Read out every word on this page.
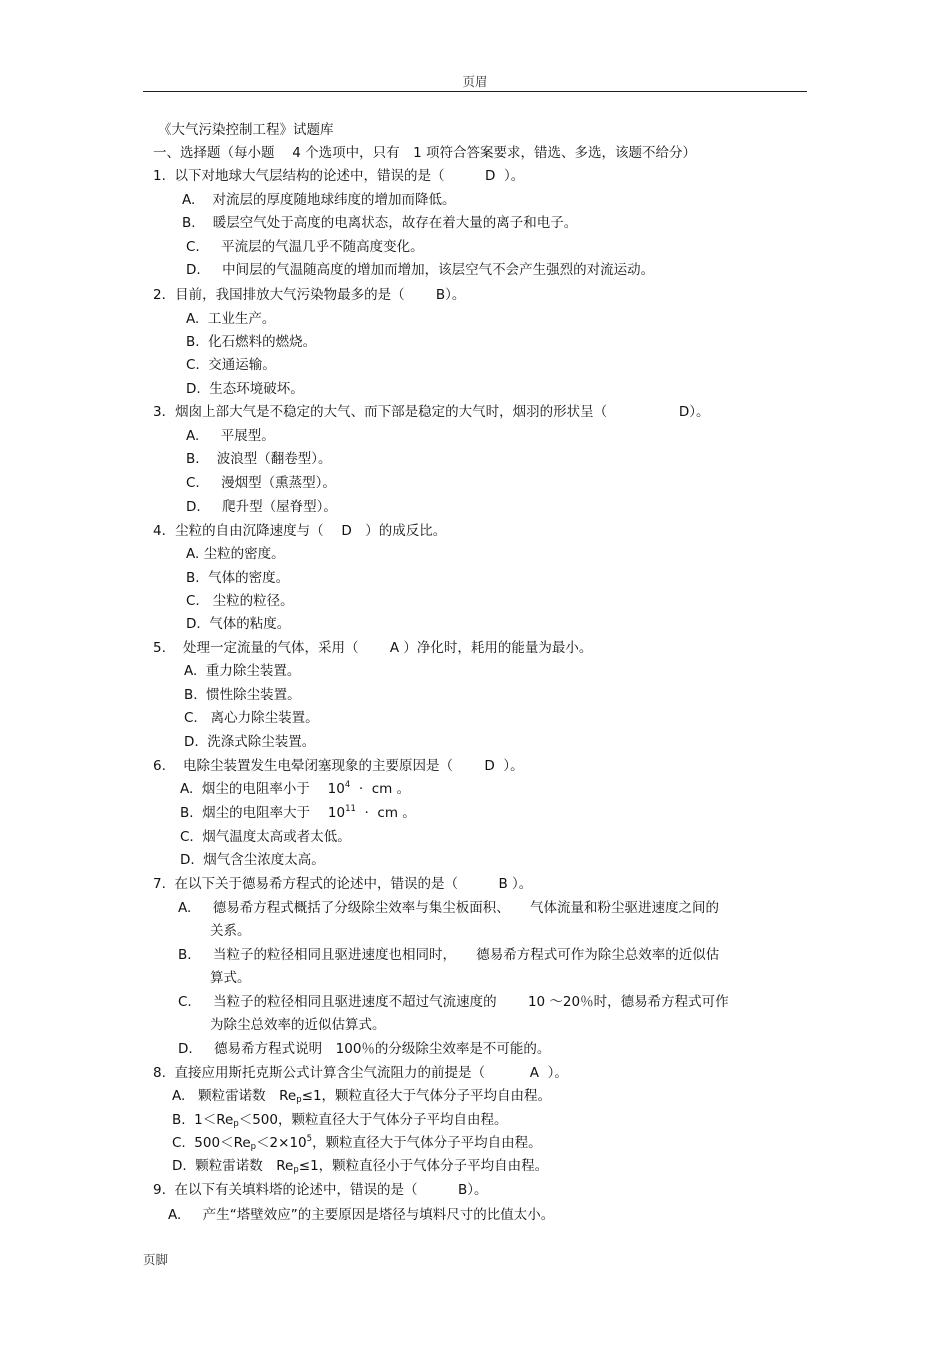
页眉
《大气污染控制工程》试题库
一、选择题（每小题　 4 个选项中，只有　1 项符合答案要求，错选、多选，该题不给分）
1.  以下对地球大气层结构的论述中，错误的是（　　　D  ）。
A.    对流层的厚度随地球纬度的增加而降低。
B.    暖层空气处于高度的电离状态，故存在着大量的离子和电子。
C.     平流层的气温几乎不随高度变化。
D.     中间层的气温随高度的增加而增加，该层空气不会产生强烈的对流运动。
2．目前，我国排放大气污染物最多的是（　　 B）。
A.  工业生产。
B.  化石燃料的燃烧。
C.  交通运输。
D.  生态环境破坏。
3．烟囱上部大气是不稳定的大气、而下部是稳定的大气时，烟羽的形状呈（　　　　　 D）。
A.     平展型。
B.    波浪型（翻卷型）。
C.     漫烟型（熏蒸型）。
D.     爬升型（屋脊型）。
4．尘粒的自由沉降速度与（　 D　）的成反比。
A. 尘粒的密度。
B.  气体的密度。
C.   尘粒的粒径。
D.  气体的粘度。
5.    处理一定流量的气体，采用（　　 A ）净化时，耗用的能量为最小。
A.  重力除尘装置。
B.  惯性除尘装置。
C.   离心力除尘装置。
D.  洗涤式除尘装置。
6.    电除尘装置发生电晕闭塞现象的主要原因是（　　 D  ）。
A.  烟尘的电阻率小于　 $10^4$  ·  cm 。
B.  烟尘的电阻率大于　 $10^{11}$  ·  cm 。
C.  烟气温度太高或者太低。
D.  烟气含尘浓度太高。
7.  在以下关于德易希方程式的论述中，错误的是（　　　B ）。
A.     德易希方程式概括了分级除尘效率与集尘板面积、　　气体流量和粉尘驱进速度之间的
关系。
B.     当粒子的粒径相同且驱进速度也相同时，　　德易希方程式可作为除尘总效率的近似估
算式。
C.     当粒子的粒径相同且驱进速度不超过气流速度的　　 10 ～20％时，德易希方程式可作
为除尘总效率的近似估算式。
D.     德易希方程式说明　100％的分级除尘效率是不可能的。
8.  直接应用斯托克斯公式计算含尘气流阻力的前提是（　　 　A  ）。
A.   颗粒雷诺数　$Re_p\le 1$，颗粒直径大于气体分子平均自由程。
B.  $1<Re_p<500$，颗粒直径大于气体分子平均自由程。
C.  $500<Re_p<2\times 10^5$，颗粒直径大于气体分子平均自由程。
D.  颗粒雷诺数　$Re_p\le 1$，颗粒直径小于气体分子平均自由程。
9.  在以下有关填料塔的论述中，错误的是（　　　B）。
A.     产生“塔壁效应”的主要原因是塔径与填料尺寸的比值太小。
页脚
